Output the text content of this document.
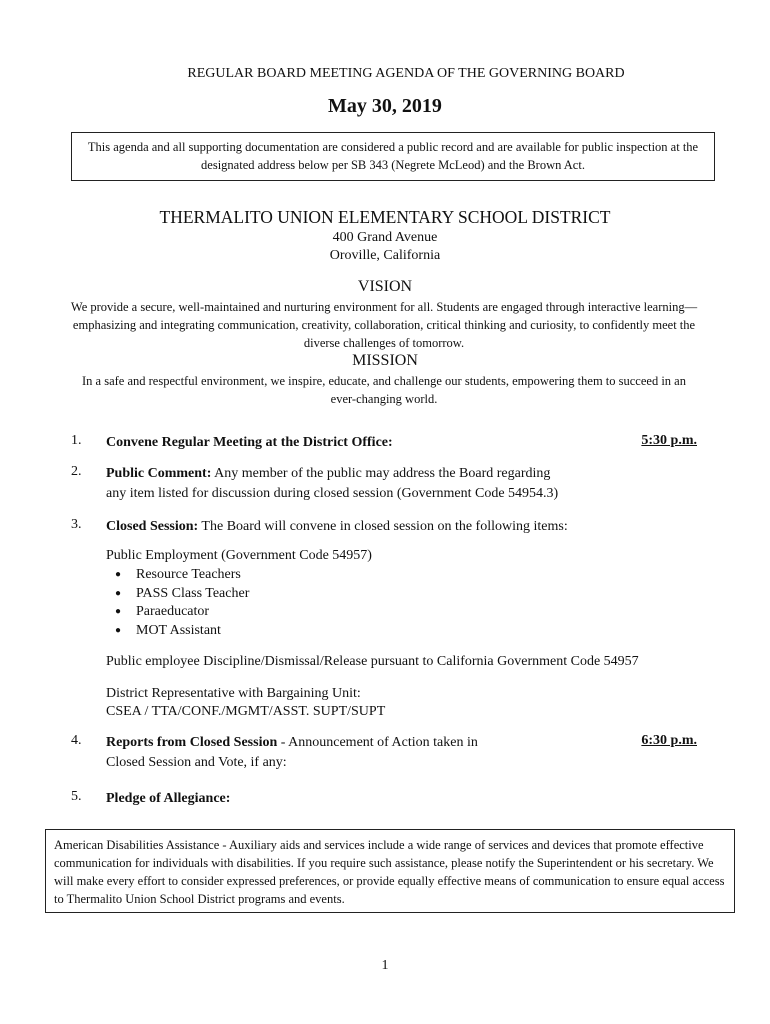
REGULAR BOARD MEETING AGENDA OF THE GOVERNING BOARD

May 30, 2019

This agenda and all supporting documentation are considered a public record and are available for public inspection at the designated address below per SB 343 (Negrete McLeod) and the Brown Act.

THERMALITO UNION ELEMENTARY SCHOOL DISTRICT

400 Grand Avenue

Oroville, California

VISION

We provide a secure, well-maintained and nurturing environment for all. Students are engaged through interactive learning—emphasizing and integrating communication, creativity, collaboration, critical thinking and curiosity, to confidently meet the diverse challenges of tomorrow.

MISSION

In a safe and respectful environment, we inspire, educate, and challenge our students, empowering them to succeed in an ever-changing world.

1. Convene Regular Meeting at the District Office:	5:30 p.m.
2. Public Comment: Any member of the public may address the Board regarding
any item listed for discussion during closed session (Government Code 54954.3)
3. Closed Session: The Board will convene in closed session on the following items:
Public Employment (Government Code 54957)
● Resource Teachers
● PASS Class Teacher
● Paraeducator
● MOT Assistant
Public employee Discipline/Dismissal/Release pursuant to California Government Code 54957
District Representative with Bargaining Unit:
CSEA / TTA/CONF./MGMT/ASST. SUPT/SUPT
4. Reports from Closed Session - Announcement of Action taken in
Closed Session and Vote, if any:
6:30 p.m.
5. Pledge of Allegiance:
American Disabilities Assistance - Auxiliary aids and services include a wide range of services and devices that promote effective communication for individuals with disabilities. If you require such assistance, please notify the Superintendent or his secretary. We will make every effort to consider expressed preferences, or provide equally effective means of communication to ensure equal access to Thermalito Union School District programs and events.

1
